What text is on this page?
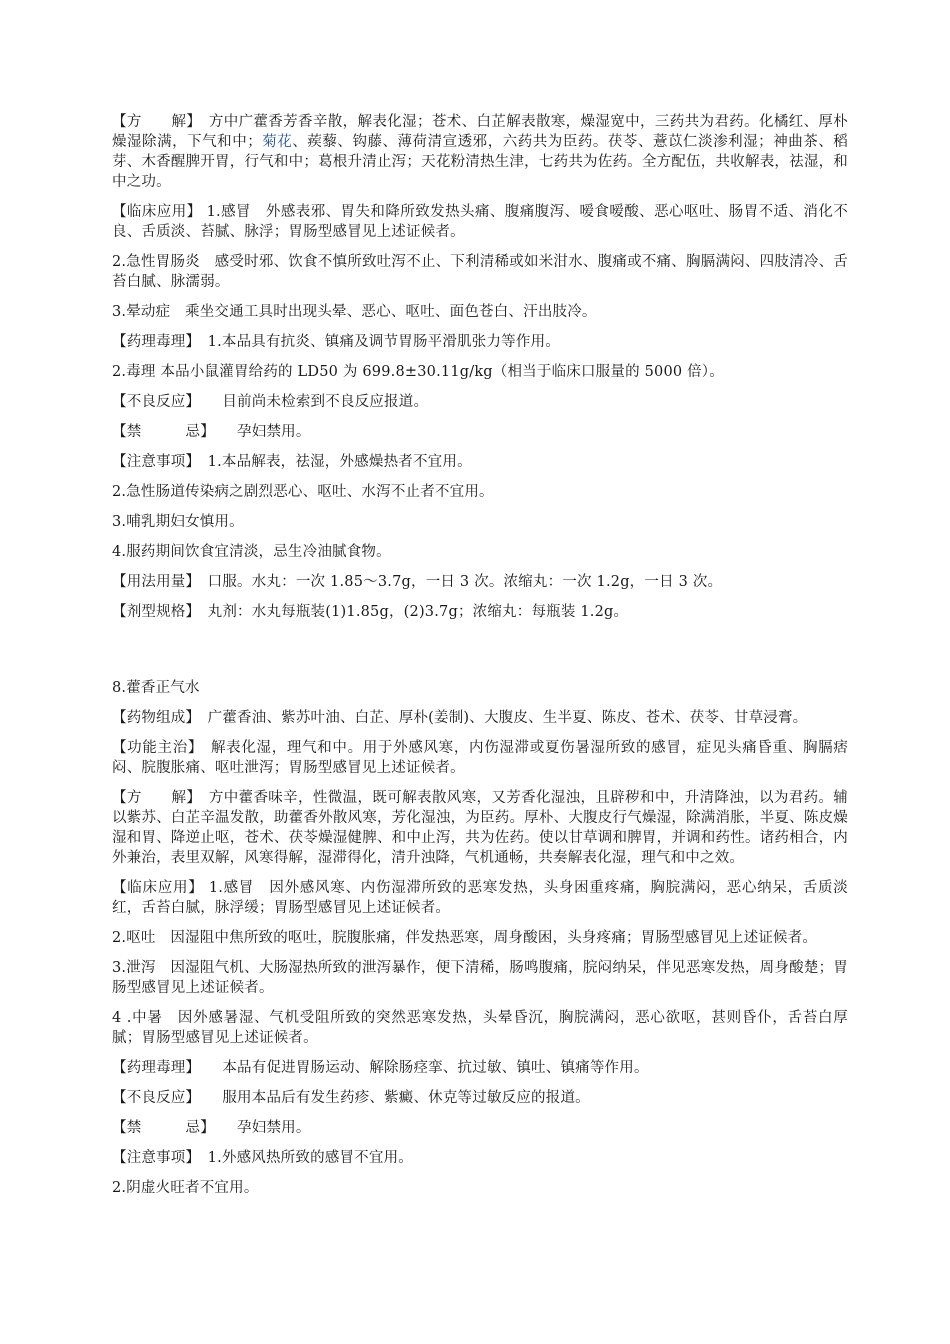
【方　　解】　方中广藿香芳香辛散，解表化湿；苍术、白芷解表散寒，燥湿宽中，三药共为君药。化橘红、厚朴燥湿除满，下气和中；菊花、蒺藜、钩藤、薄荷清宣透邪，六药共为臣药。茯苓、薏苡仁淡渗利湿；神曲茶、稻芽、木香醒脾开胃，行气和中；葛根升清止泻；天花粉清热生津，七药共为佐药。全方配伍，共收解表，祛湿，和中之功。

【临床应用】 1.感冒　外感表邪、胃失和降所致发热头痛、腹痛腹泻、嗳食嗳酸、恶心呕吐、肠胃不适、消化不良、舌质淡、苔腻、脉浮；胃肠型感冒见上述证候者。

2.急性胃肠炎　感受时邪、饮食不慎所致吐泻不止、下利清稀或如米泔水、腹痛或不痛、胸膈满闷、四肢清冷、舌苔白腻、脉濡弱。

3.晕动症　乘坐交通工具时出现头晕、恶心、呕吐、面色苍白、汗出肢冷。

【药理毒理】　1.本品具有抗炎、镇痛及调节胃肠平滑肌张力等作用。

2.毒理 本品小鼠灌胃给药的 LD50 为 699.8±30.11g/kg（相当于临床口服量的 5000 倍）。

【不良反应】　　目前尚未检索到不良反应报道。

【禁　　　忌】　　孕妇禁用。

【注意事项】　1.本品解表，祛湿，外感燥热者不宜用。

2.急性肠道传染病之剧烈恶心、呕吐、水泻不止者不宜用。

3.哺乳期妇女慎用。

4.服药期间饮食宜清淡，忌生冷油腻食物。

【用法用量】　口服。水丸：一次 1.85～3.7g，一日 3 次。浓缩丸：一次 1.2g，一日 3 次。

【剂型规格】　丸剂：水丸每瓶装(1)1.85g，(2)3.7g；浓缩丸：每瓶装 1.2g。

8.藿香正气水

【药物组成】　广藿香油、紫苏叶油、白芷、厚朴(姜制)、大腹皮、生半夏、陈皮、苍术、茯苓、甘草浸膏。

【功能主治】　解表化湿，理气和中。用于外感风寒，内伤湿滞或夏伤暑湿所致的感冒，症见头痛昏重、胸膈痞闷、脘腹胀痛、呕吐泄泻；胃肠型感冒见上述证候者。

【方　　解】　方中藿香味辛，性微温，既可解表散风寒，又芳香化湿浊，且辟秽和中，升清降浊，以为君药。辅以紫苏、白芷辛温发散，助藿香外散风寒，芳化湿浊，为臣药。厚朴、大腹皮行气燥湿，除满消胀，半夏、陈皮燥湿和胃、降逆止呕，苍术、茯苓燥湿健脾、和中止泻，共为佐药。使以甘草调和脾胃，并调和药性。诸药相合，内外兼治，表里双解，风寒得解，湿滞得化，清升浊降，气机通畅，共奏解表化湿，理气和中之效。

【临床应用】 1.感冒　因外感风寒、内伤湿滞所致的恶寒发热，头身困重疼痛，胸脘满闷，恶心纳呆，舌质淡红，舌苔白腻，脉浮缓；胃肠型感冒见上述证候者。

2.呕吐　因湿阻中焦所致的呕吐，脘腹胀痛，伴发热恶寒，周身酸困，头身疼痛；胃肠型感冒见上述证候者。

3.泄泻　因湿阻气机、大肠湿热所致的泄泻暴作，便下清稀，肠鸣腹痛，脘闷纳呆，伴见恶寒发热，周身酸楚；胃肠型感冒见上述证候者。

4 .中暑　因外感暑湿、气机受阻所致的突然恶寒发热，头晕昏沉，胸脘满闷，恶心欲呕，甚则昏仆，舌苔白厚腻；胃肠型感冒见上述证候者。

【药理毒理】　　本品有促进胃肠运动、解除肠痉挛、抗过敏、镇吐、镇痛等作用。

【不良反应】　　服用本品后有发生药疹、紫癜、休克等过敏反应的报道。

【禁　　　忌】　　孕妇禁用。

【注意事项】　1.外感风热所致的感冒不宜用。

2.阴虚火旺者不宜用。
